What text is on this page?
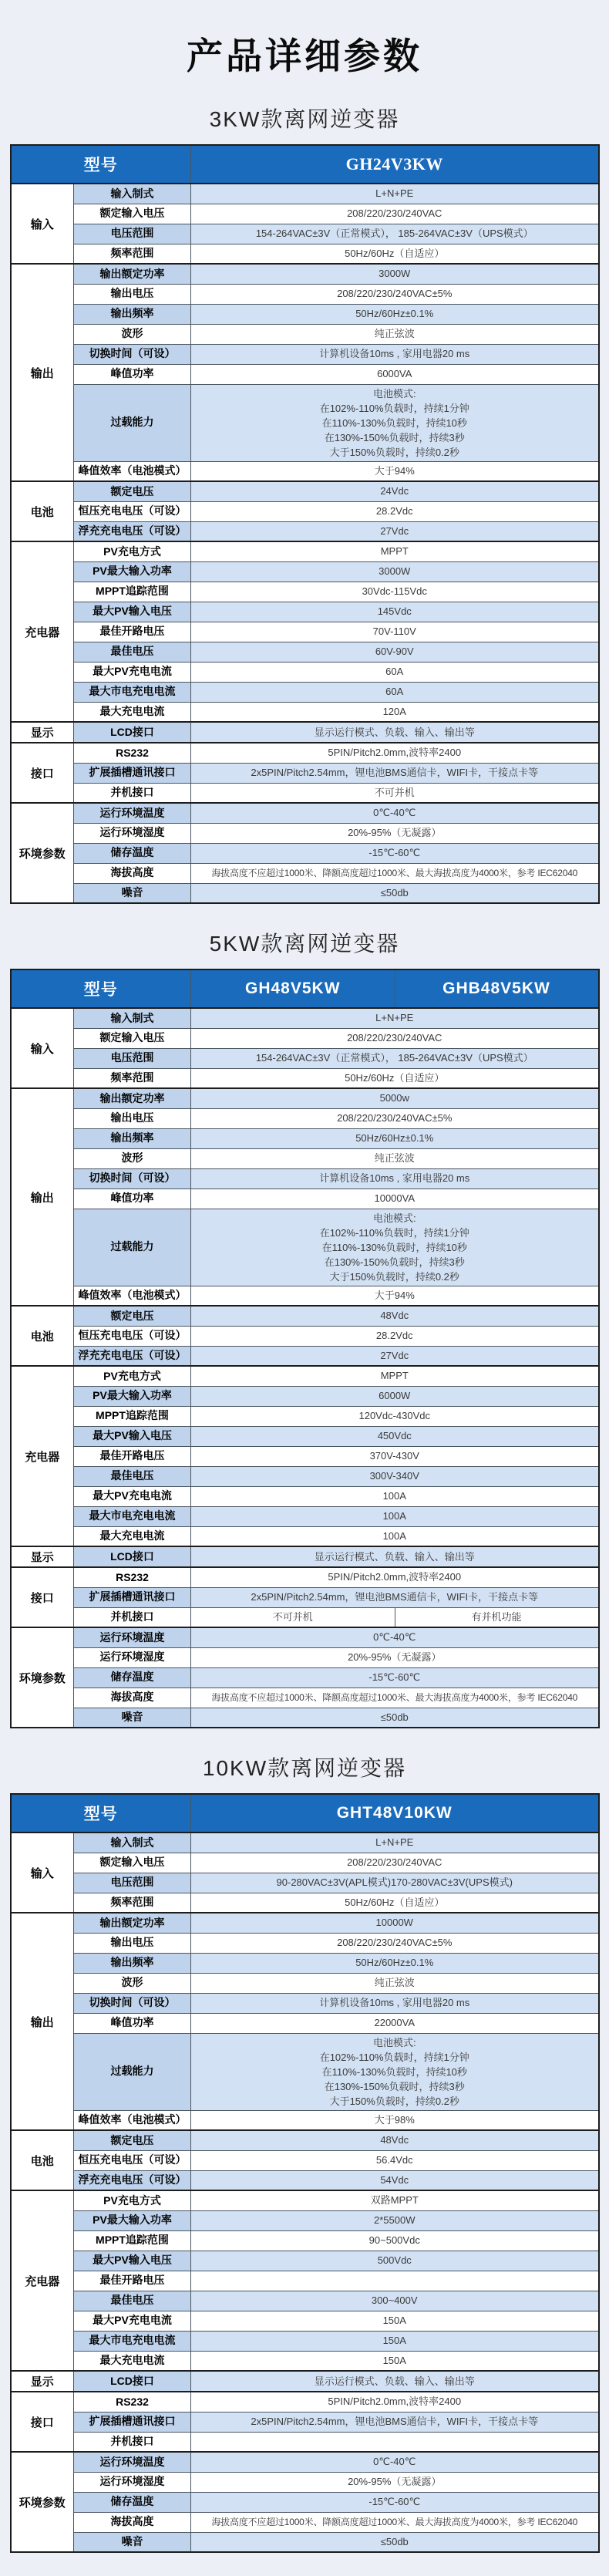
产品详细参数
3KW款离网逆变器
型号		GH24V3KW
输入	输入制式	L+N+PE
	额定输入电压	208/220/230/240VAC
	电压范围	154-264VAC±3V（正常模式）， 185-264VAC±3V（UPS模式）
	频率范围	50Hz/60Hz（自适应）
输出	输出额定功率	3000W
	输出电压	208/220/230/240VAC±5%
	输出频率	50Hz/60Hz±0.1%
	波形	纯正弦波
	切换时间（可设）	计算机设备10ms , 家用电器20 ms
	峰值功率	6000VA
	过载能力	电池模式:
在102%-110%负载时，持续1分钟
在110%-130%负载时，持续10秒
在130%-150%负载时，持续3秒
大于150%负载时，持续0.2秒

	峰值效率（电池模式）	大于94%
电池	额定电压	24Vdc
	恒压充电电压（可设）	28.2Vdc
	浮充充电电压（可设）	27Vdc
充电器	PV充电方式	MPPT
	PV最大输入功率	3000W
	MPPT追踪范围	30Vdc-115Vdc
	最大PV输入电压	145Vdc
	最佳开路电压	70V-110V
	最佳电压	60V-90V
	最大PV充电电流	60A
	最大市电充电电流	60A
	最大充电电流	120A
显示	LCD接口	显示运行模式、负载、输入、输出等
接口	RS232	5PIN/Pitch2.0mm,波特率2400
	扩展插槽通讯接口	2x5PIN/Pitch2.54mm，锂电池BMS通信卡，WIFI卡，干接点卡等
	并机接口	不可并机
环境参数	运行环境温度	0℃-40℃
	运行环境湿度	20%-95%（无凝露）
	储存温度	-15℃-60℃
	海拔高度	海拔高度不应超过1000米、降额高度超过1000米、最大海拔高度为4000米，参考 IEC62040
	噪音	≤50db
5KW款离网逆变器
型号		GH48V5KW	GHB48V5KW
输入	输入制式	L+N+PE	
	额定输入电压	208/220/230/240VAC	
	电压范围	154-264VAC±3V（正常模式）， 185-264VAC±3V（UPS模式）	
	频率范围	50Hz/60Hz（自适应）	
输出	输出额定功率	5000w	
	输出电压	208/220/230/240VAC±5%	
	输出频率	50Hz/60Hz±0.1%	
	波形	纯正弦波	
	切换时间（可设）	计算机设备10ms , 家用电器20 ms	
	峰值功率	10000VA	
	过载能力	电池模式:
在102%-110%负载时，持续1分钟
在110%-130%负载时，持续10秒
在130%-150%负载时，持续3秒
大于150%负载时，持续0.2秒	

	峰值效率（电池模式）	大于94%	
电池	额定电压	48Vdc	
	恒压充电电压（可设）	28.2Vdc	
	浮充充电电压（可设）	27Vdc	
充电器	PV充电方式	MPPT	
	PV最大输入功率	6000W	
	MPPT追踪范围	120Vdc-430Vdc	
	最大PV输入电压	450Vdc	
	最佳开路电压	370V-430V	
	最佳电压	300V-340V	
	最大PV充电电流	100A	
	最大市电充电电流	100A	
	最大充电电流	100A	
显示	LCD接口	显示运行模式、负载、输入、输出等	
接口	RS232	5PIN/Pitch2.0mm,波特率2400	
	扩展插槽通讯接口	2x5PIN/Pitch2.54mm，锂电池BMS通信卡，WIFI卡，干接点卡等	
	并机接口	不可并机	有并机功能
环境参数	运行环境温度	0℃-40℃	
	运行环境湿度	20%-95%（无凝露）	
	储存温度	-15℃-60℃	
	海拔高度	海拔高度不应超过1000米、降额高度超过1000米、最大海拔高度为4000米，参考 IEC62040	
	噪音	≤50db	
10KW款离网逆变器
型号		GHT48V10KW
输入	输入制式	L+N+PE
	额定输入电压	208/220/230/240VAC
	电压范围	90-280VAC±3V(APL模式)170-280VAC±3V(UPS模式)
	频率范围	50Hz/60Hz（自适应）
输出	输出额定功率	10000W
	输出电压	208/220/230/240VAC±5%
	输出频率	50Hz/60Hz±0.1%
	波形	纯正弦波
	切换时间（可设）	计算机设备10ms , 家用电器20 ms
	峰值功率	22000VA
	过载能力	电池模式:
在102%-110%负载时，持续1分钟
在110%-130%负载时，持续10秒
在130%-150%负载时，持续3秒
大于150%负载时，持续0.2秒

	峰值效率（电池模式）	大于98%
电池	额定电压	48Vdc
	恒压充电电压（可设）	56.4Vdc
	浮充充电电压（可设）	54Vdc
充电器	PV充电方式	双路MPPT
	PV最大输入功率	2*5500W
	MPPT追踪范围	90~500Vdc
	最大PV输入电压	500Vdc
	最佳开路电压	
	最佳电压	300~400V
	最大PV充电电流	150A
	最大市电充电电流	150A
	最大充电电流	150A
显示	LCD接口	显示运行模式、负载、输入、输出等
接口	RS232	5PIN/Pitch2.0mm,波特率2400
	扩展插槽通讯接口	2x5PIN/Pitch2.54mm，锂电池BMS通信卡，WIFI卡，干接点卡等
	并机接口	
环境参数	运行环境温度	0℃-40℃
	运行环境湿度	20%-95%（无凝露）
	储存温度	-15℃-60℃
	海拔高度	海拔高度不应超过1000米、降额高度超过1000米、最大海拔高度为4000米，参考 IEC62040
	噪音	≤50db
